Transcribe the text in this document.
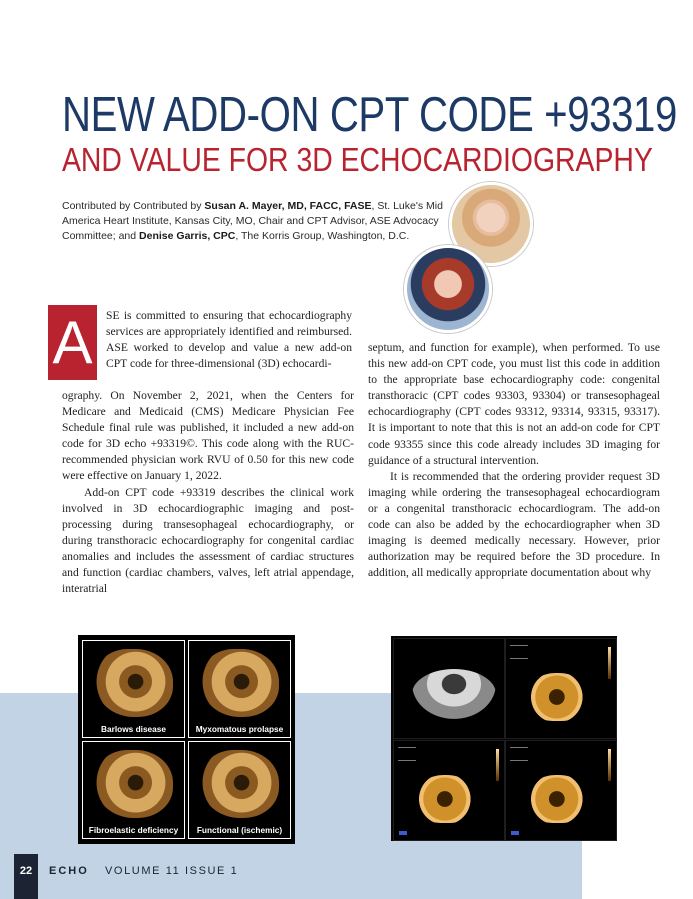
NEW ADD-ON CPT CODE +93319
AND VALUE FOR 3D ECHOCARDIOGRAPHY
Contributed by Contributed by Susan A. Mayer, MD, FACC, FASE, St. Luke's Mid America Heart Institute, Kansas City, MO, Chair and CPT Advisor, ASE Advocacy Committee; and Denise Garris, CPC, The Korris Group, Washington, D.C.
A	SE is committed to ensuring that echocardiography services are appropriately identified and reimbursed. ASE worked to develop and value a new add-on CPT code for three-dimensional (3D) echocardi-

ography. On November 2, 2021, when the Centers for Medicare and Medicaid (CMS) Medicare Physician Fee Schedule final rule was published, it included a new add-on code for 3D echo +93319©. This code along with the RUC-recommended physician work RVU of 0.50 for this new code were effective on January 1, 2022.

Add-on CPT code +93319 describes the clinical work involved in 3D echocardiographic imaging and post-processing during transesophageal echocardiography, or during transthoracic echocardiography for congenital cardiac anomalies and includes the assessment of cardiac structures and function (cardiac chambers, valves, left atrial appendage, interatrial

septum, and function for example), when performed. To use this new add-on CPT code, you must list this code in addition to the appropriate base echocardiography code: congenital transthoracic (CPT codes 93303, 93304) or transesophageal echocardiography (CPT codes 93312, 93314, 93315, 93317). It is important to note that this is not an add-on code for CPT code 93355 since this code already includes 3D imaging for guidance of a structural intervention.

It is recommended that the ordering provider request 3D imaging while ordering the transesophageal echocardiogram or a congenital transthoracic echocardiogram. The add-on code can also be added by the echocardiographer when 3D imaging is deemed medically necessary. However, prior authorization may be required before the 3D procedure. In addition, all medically appropriate documentation about why

Barlows disease	Myxomatous prolapse
Fibroelastic deficiency	Functional (ischemic)
22	ECHO VOLUME 11 ISSUE 1
